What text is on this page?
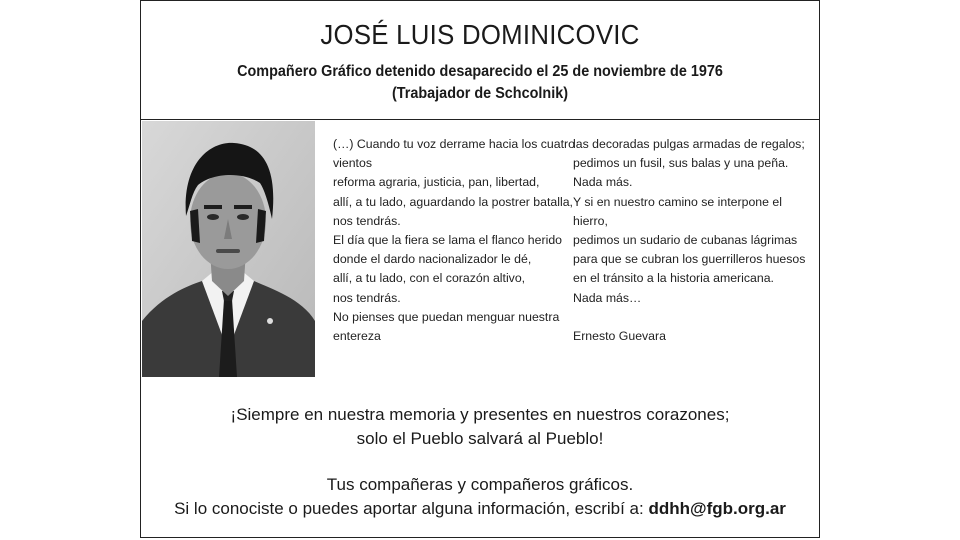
JOSÉ LUIS DOMINICOVIC
Compañero Gráfico detenido desaparecido el 25 de noviembre de 1976
(Trabajador de Schcolnik)
(…) Cuando tu voz derrame hacia los cuatro
vientos
reforma agraria, justicia, pan, libertad,
allí, a tu lado, aguardando la postrer batalla,
nos tendrás.
El día que la fiera se lama el flanco herido
donde el dardo nacionalizador le dé,
allí, a tu lado, con el corazón altivo,
nos tendrás.
No pienses que puedan menguar nuestra
entereza
las decoradas pulgas armadas de regalos;
pedimos un fusil, sus balas y una peña.
Nada más.
Y si en nuestro camino se interpone el
hierro,
pedimos un sudario de cubanas lágrimas
para que se cubran los guerrilleros huesos
en el tránsito a la historia americana.
Nada más…
Ernesto Guevara
¡Siempre en nuestra memoria y presentes en nuestros corazones;
solo el Pueblo salvará al Pueblo!
Tus compañeras y compañeros gráficos.
Si lo conociste o puedes aportar alguna información, escribí a: ddhh@fgb.org.ar
